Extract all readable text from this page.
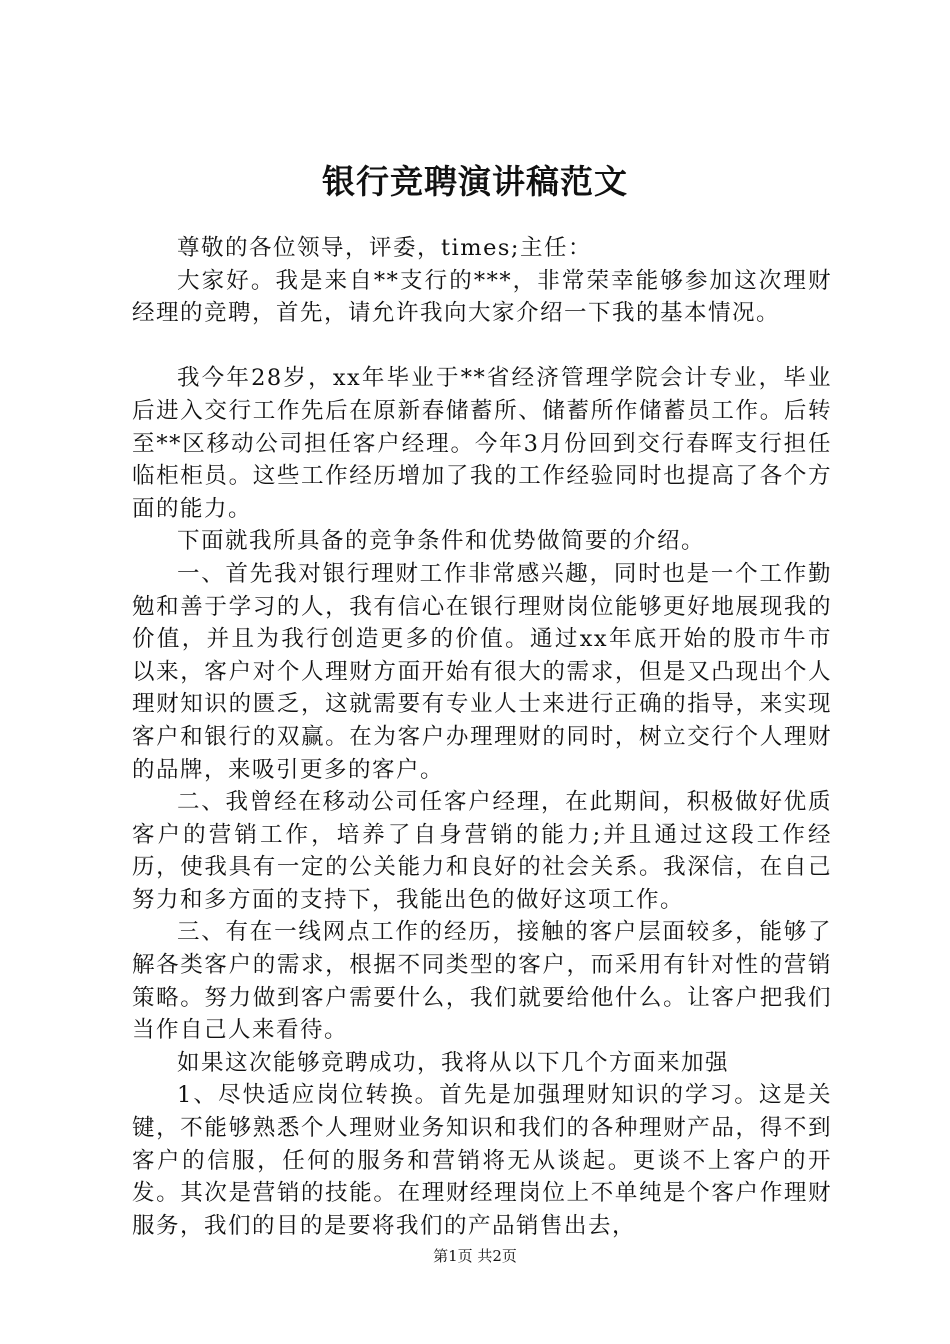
银行竞聘演讲稿范文

尊敬的各位领导，评委，times;主任：

大家好。我是来自**支行的***，非常荣幸能够参加这次理财经理的竞聘，首先，请允许我向大家介绍一下我的基本情况。

我今年28岁，xx年毕业于**省经济管理学院会计专业，毕业后进入交行工作先后在原新春储蓄所、储蓄所作储蓄员工作。后转至**区移动公司担任客户经理。今年3月份回到交行春晖支行担任临柜柜员。这些工作经历增加了我的工作经验同时也提高了各个方面的能力。

下面就我所具备的竞争条件和优势做简要的介绍。

一、首先我对银行理财工作非常感兴趣，同时也是一个工作勤勉和善于学习的人，我有信心在银行理财岗位能够更好地展现我的价值，并且为我行创造更多的价值。通过xx年底开始的股市牛市以来，客户对个人理财方面开始有很大的需求，但是又凸现出个人理财知识的匮乏，这就需要有专业人士来进行正确的指导，来实现客户和银行的双赢。在为客户办理理财的同时，树立交行个人理财的品牌，来吸引更多的客户。

二、我曾经在移动公司任客户经理，在此期间，积极做好优质客户的营销工作，培养了自身营销的能力;并且通过这段工作经历，使我具有一定的公关能力和良好的社会关系。我深信，在自己努力和多方面的支持下，我能出色的做好这项工作。

三、有在一线网点工作的经历，接触的客户层面较多，能够了解各类客户的需求，根据不同类型的客户，而采用有针对性的营销策略。努力做到客户需要什么，我们就要给他什么。让客户把我们当作自己人来看待。

如果这次能够竞聘成功，我将从以下几个方面来加强

1、尽快适应岗位转换。首先是加强理财知识的学习。这是关键，不能够熟悉个人理财业务知识和我们的各种理财产品，得不到客户的信服，任何的服务和营销将无从谈起。更谈不上客户的开发。其次是营销的技能。在理财经理岗位上不单纯是个客户作理财服务，我们的目的是要将我们的产品销售出去，

第1页 共2页
